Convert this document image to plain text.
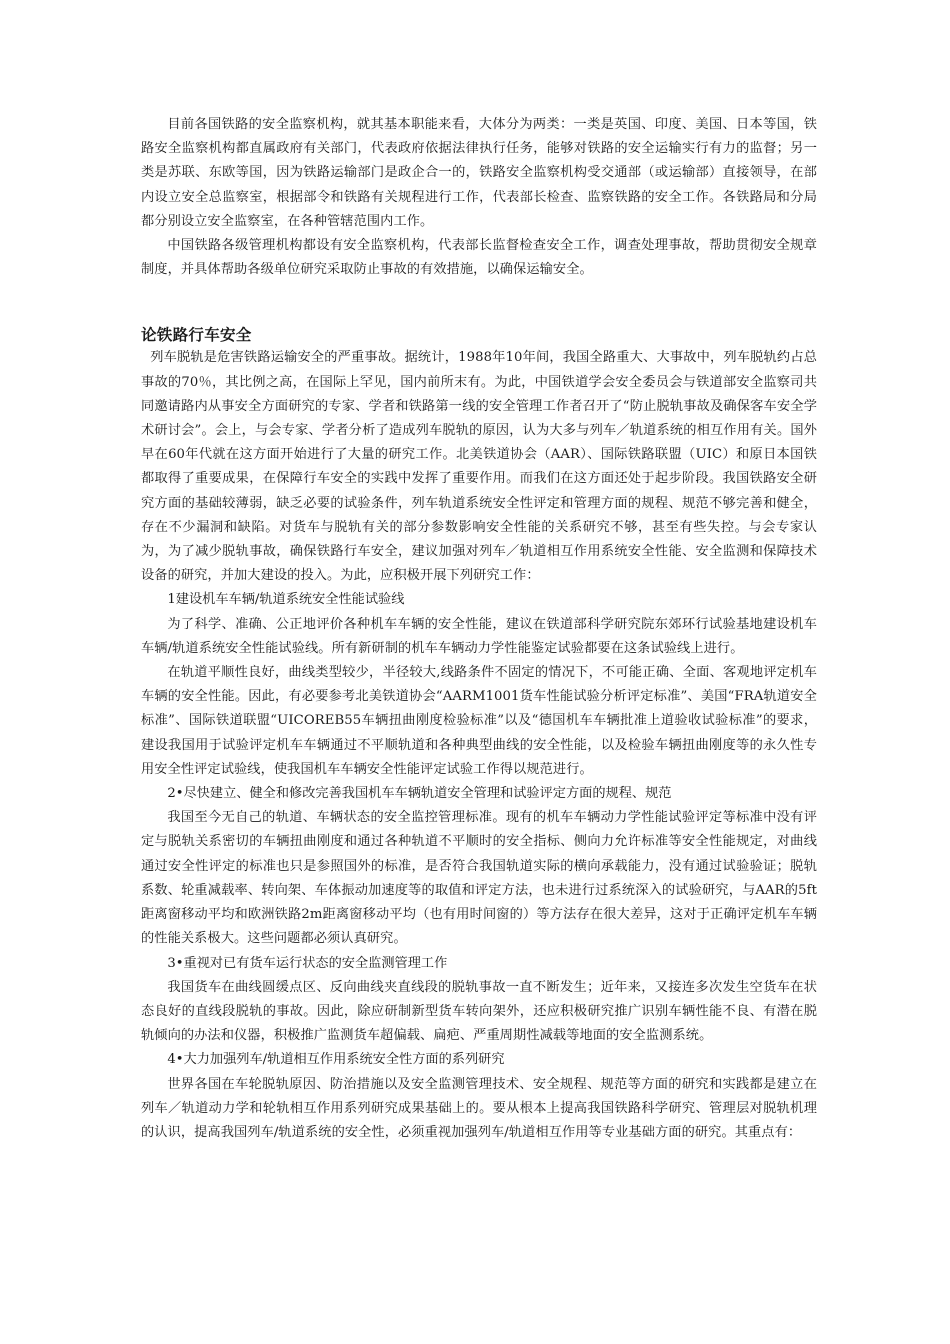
目前各国铁路的安全监察机构，就其基本职能来看，大体分为两类：一类是英国、印度、美国、日本等国，铁路安全监察机构都直属政府有关部门，代表政府依据法律执行任务，能够对铁路的安全运输实行有力的监督；另一类是苏联、东欧等国，因为铁路运输部门是政企合一的，铁路安全监察机构受交通部（或运输部）直接领导，在部内设立安全总监察室，根据部令和铁路有关规程进行工作，代表部长检查、监察铁路的安全工作。各铁路局和分局都分别设立安全监察室，在各种管辖范围内工作。

中国铁路各级管理机构都设有安全监察机构，代表部长监督检查安全工作，调查处理事故，帮助贯彻安全规章制度，并具体帮助各级单位研究采取防止事故的有效措施，以确保运输安全。

论铁路行车安全

列车脱轨是危害铁路运输安全的严重事故。据统计，1988年10年间，我国全路重大、大事故中，列车脱轨约占总事故的70％，其比例之高，在国际上罕见，国内前所末有。为此，中国铁道学会安全委员会与铁道部安全监察司共同邀请路内从事安全方面研究的专家、学者和铁路第一线的安全管理工作者召开了“防止脱轨事故及确保客车安全学术研讨会”。会上，与会专家、学者分析了造成列车脱轨的原因，认为大多与列车／轨道系统的相互作用有关。国外早在60年代就在这方面开始进行了大量的研究工作。北美铁道协会（AAR）、国际铁路联盟（UIC）和原日本国铁都取得了重要成果，在保障行车安全的实践中发挥了重要作用。而我们在这方面还处于起步阶段。我国铁路安全研究方面的基础较薄弱，缺乏必要的试验条件，列车轨道系统安全性评定和管理方面的规程、规范不够完善和健全，存在不少漏洞和缺陷。对货车与脱轨有关的部分参数影响安全性能的关系研究不够，甚至有些失控。与会专家认为，为了减少脱轨事故，确保铁路行车安全，建议加强对列车／轨道相互作用系统安全性能、安全监测和保障技术设备的研究，并加大建设的投入。为此，应积极开展下列研究工作：

1建设机车车辆/轨道系统安全性能试验线

为了科学、准确、公正地评价各种机车车辆的安全性能，建议在铁道部科学研究院东郊环行试验基地建设机车车辆/轨道系统安全性能试验线。所有新研制的机车车辆动力学性能鉴定试验都要在这条试验线上进行。

在轨道平顺性良好，曲线类型较少，半径较大,线路条件不固定的情况下，不可能正确、全面、客观地评定机车车辆的安全性能。因此，有必要参考北美铁道协会“AARM1001货车性能试验分析评定标准”、美国“FRA轨道安全标准”、国际铁道联盟“UICOREB55车辆扭曲刚度检验标准”以及“德国机车车辆批准上道验收试验标准”的要求，建设我国用于试验评定机车车辆通过不平顺轨道和各种典型曲线的安全性能，以及检验车辆扭曲刚度等的永久性专用安全性评定试验线，使我国机车车辆安全性能评定试验工作得以规范进行。

2•尽快建立、健全和修改完善我国机车车辆轨道安全管理和试验评定方面的规程、规范

我国至今无自己的轨道、车辆状态的安全监控管理标准。现有的机车车辆动力学性能试验评定等标准中没有评定与脱轨关系密切的车辆扭曲刚度和通过各种轨道不平顺时的安全指标、侧向力允许标准等安全性能规定，对曲线通过安全性评定的标准也只是参照国外的标准，是否符合我国轨道实际的横向承载能力，没有通过试验验证；脱轨系数、轮重减载率、转向架、车体振动加速度等的取值和评定方法，也未进行过系统深入的试验研究，与AAR的5ft距离窗移动平均和欧洲铁路2m距离窗移动平均（也有用时间窗的）等方法存在很大差异，这对于正确评定机车车辆的性能关系极大。这些问题都必须认真研究。

3•重视对已有货车运行状态的安全监测管理工作

我国货车在曲线圆缓点区、反向曲线夹直线段的脱轨事故一直不断发生；近年来，又接连多次发生空货车在状态良好的直线段脱轨的事故。因此，除应研制新型货车转向架外，还应积极研究推广识别车辆性能不良、有潜在脱轨倾向的办法和仪器，积极推广监测货车超偏载、扁疤、严重周期性减载等地面的安全监测系统。

4•大力加强列车/轨道相互作用系统安全性方面的系列研究

世界各国在车轮脱轨原因、防治措施以及安全监测管理技术、安全规程、规范等方面的研究和实践都是建立在列车／轨道动力学和轮轨相互作用系列研究成果基础上的。要从根本上提高我国铁路科学研究、管理层对脱轨机理的认识，提高我国列车/轨道系统的安全性，必须重视加强列车/轨道相互作用等专业基础方面的研究。其重点有：
